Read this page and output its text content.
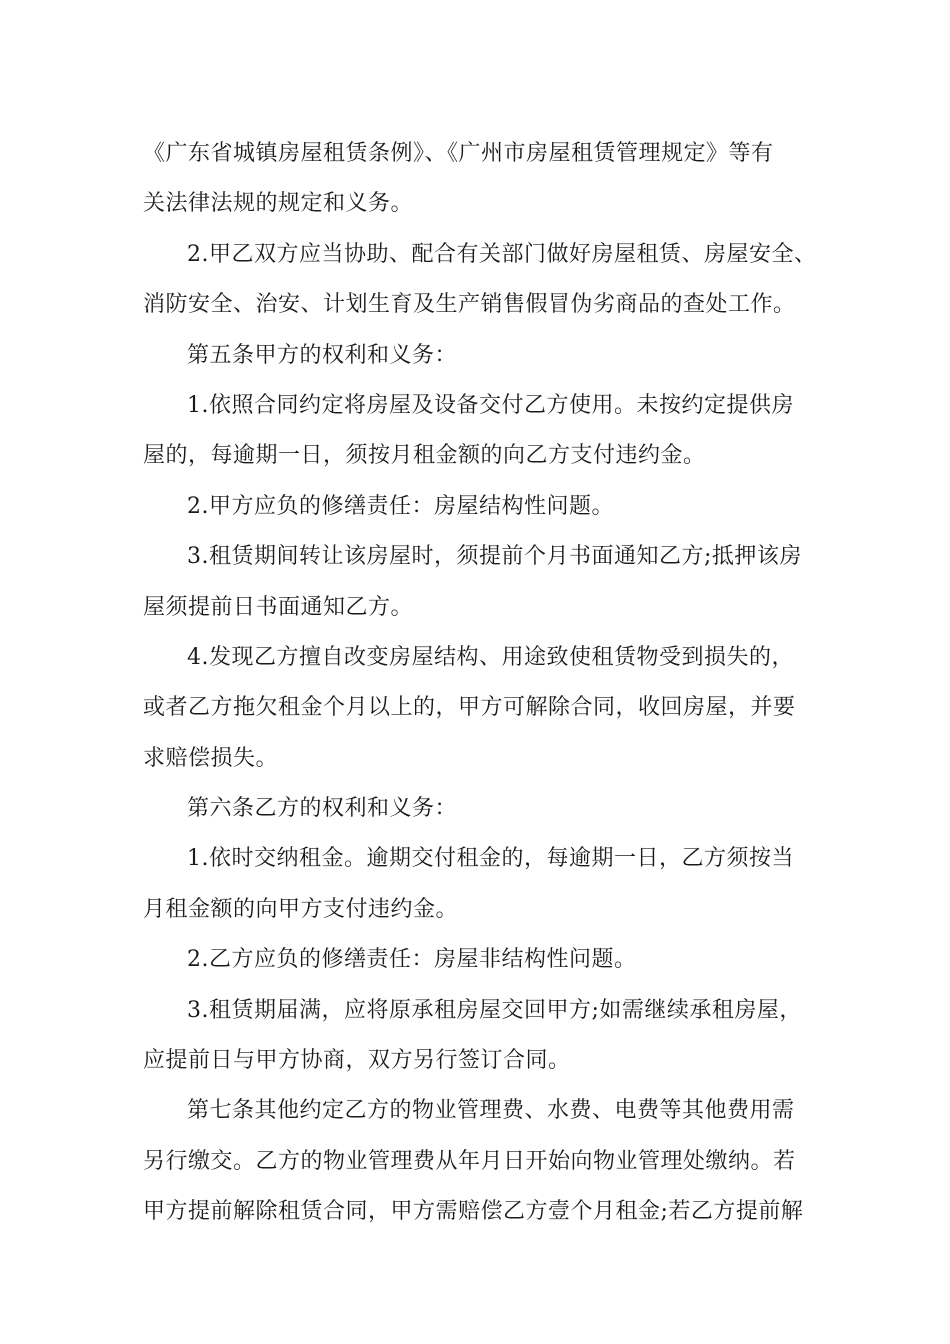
《广东省城镇房屋租赁条例》、《广州市房屋租赁管理规定》等有
关法律法规的规定和义务。
2.甲乙双方应当协助、配合有关部门做好房屋租赁、房屋安全、
消防安全、治安、计划生育及生产销售假冒伪劣商品的查处工作。
第五条甲方的权利和义务：
1.依照合同约定将房屋及设备交付乙方使用。未按约定提供房
屋的，每逾期一日，须按月租金额的向乙方支付违约金。
2.甲方应负的修缮责任：房屋结构性问题。
3.租赁期间转让该房屋时，须提前个月书面通知乙方;抵押该房
屋须提前日书面通知乙方。
4.发现乙方擅自改变房屋结构、用途致使租赁物受到损失的，
或者乙方拖欠租金个月以上的，甲方可解除合同，收回房屋，并要
求赔偿损失。
第六条乙方的权利和义务：
1.依时交纳租金。逾期交付租金的，每逾期一日，乙方须按当
月租金额的向甲方支付违约金。
2.乙方应负的修缮责任：房屋非结构性问题。
3.租赁期届满，应将原承租房屋交回甲方;如需继续承租房屋，
应提前日与甲方协商，双方另行签订合同。
第七条其他约定乙方的物业管理费、水费、电费等其他费用需
另行缴交。乙方的物业管理费从年月日开始向物业管理处缴纳。若
甲方提前解除租赁合同，甲方需赔偿乙方壹个月租金;若乙方提前解
